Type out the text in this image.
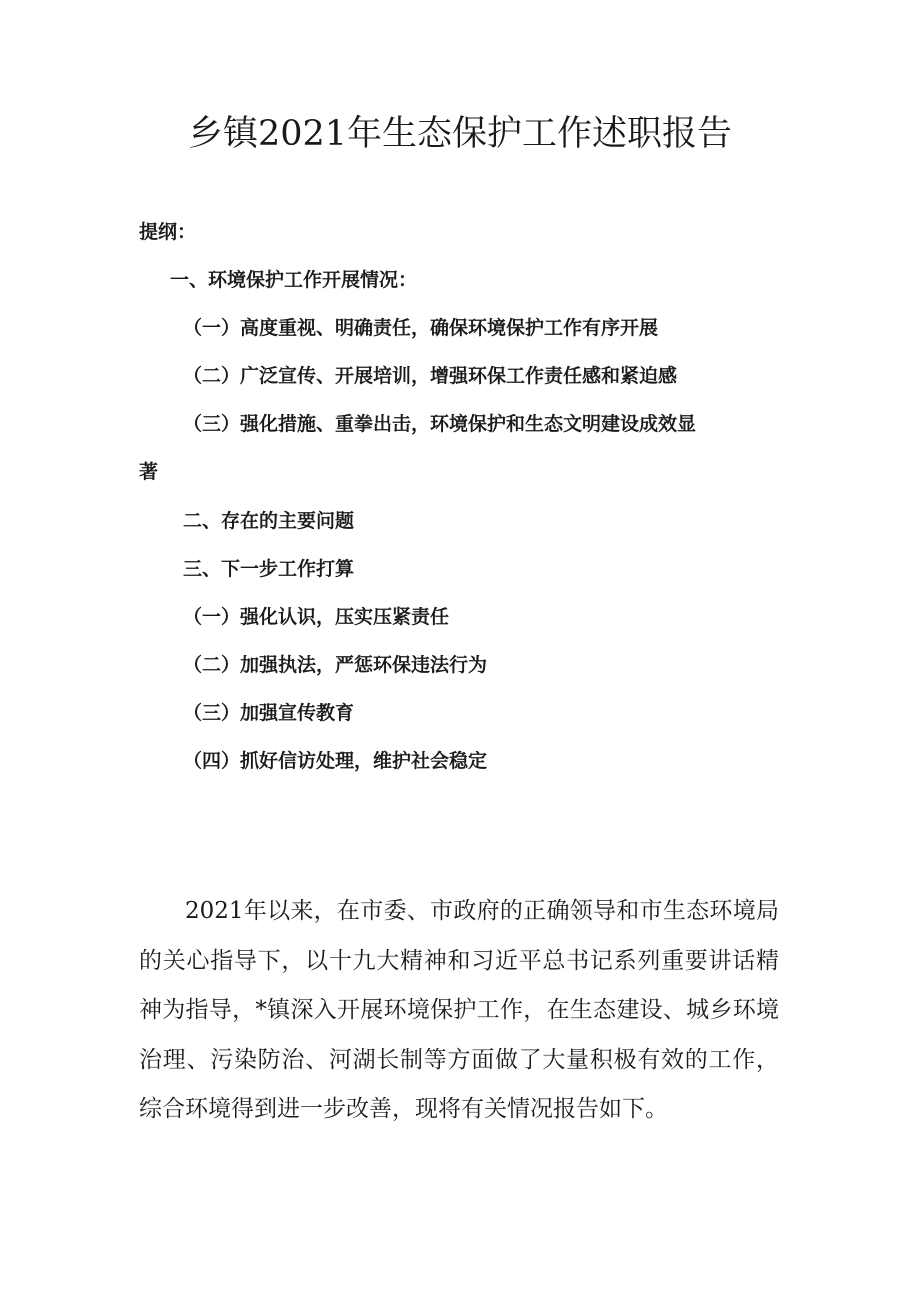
乡镇2021年生态保护工作述职报告
提纲：
一、环境保护工作开展情况：
（一）高度重视、明确责任，确保环境保护工作有序开展
（二）广泛宣传、开展培训，增强环保工作责任感和紧迫感
（三）强化措施、重拳出击，环境保护和生态文明建设成效显
著
二、存在的主要问题
三、下一步工作打算
（一）强化认识，压实压紧责任
（二）加强执法，严惩环保违法行为
（三）加强宣传教育
（四）抓好信访处理，维护社会稳定

2021年以来，在市委、市政府的正确领导和市生态环境局的关心指导下，以十九大精神和习近平总书记系列重要讲话精神为指导，*镇深入开展环境保护工作，在生态建设、城乡环境治理、污染防治、河湖长制等方面做了大量积极有效的工作，综合环境得到进一步改善，现将有关情况报告如下。
